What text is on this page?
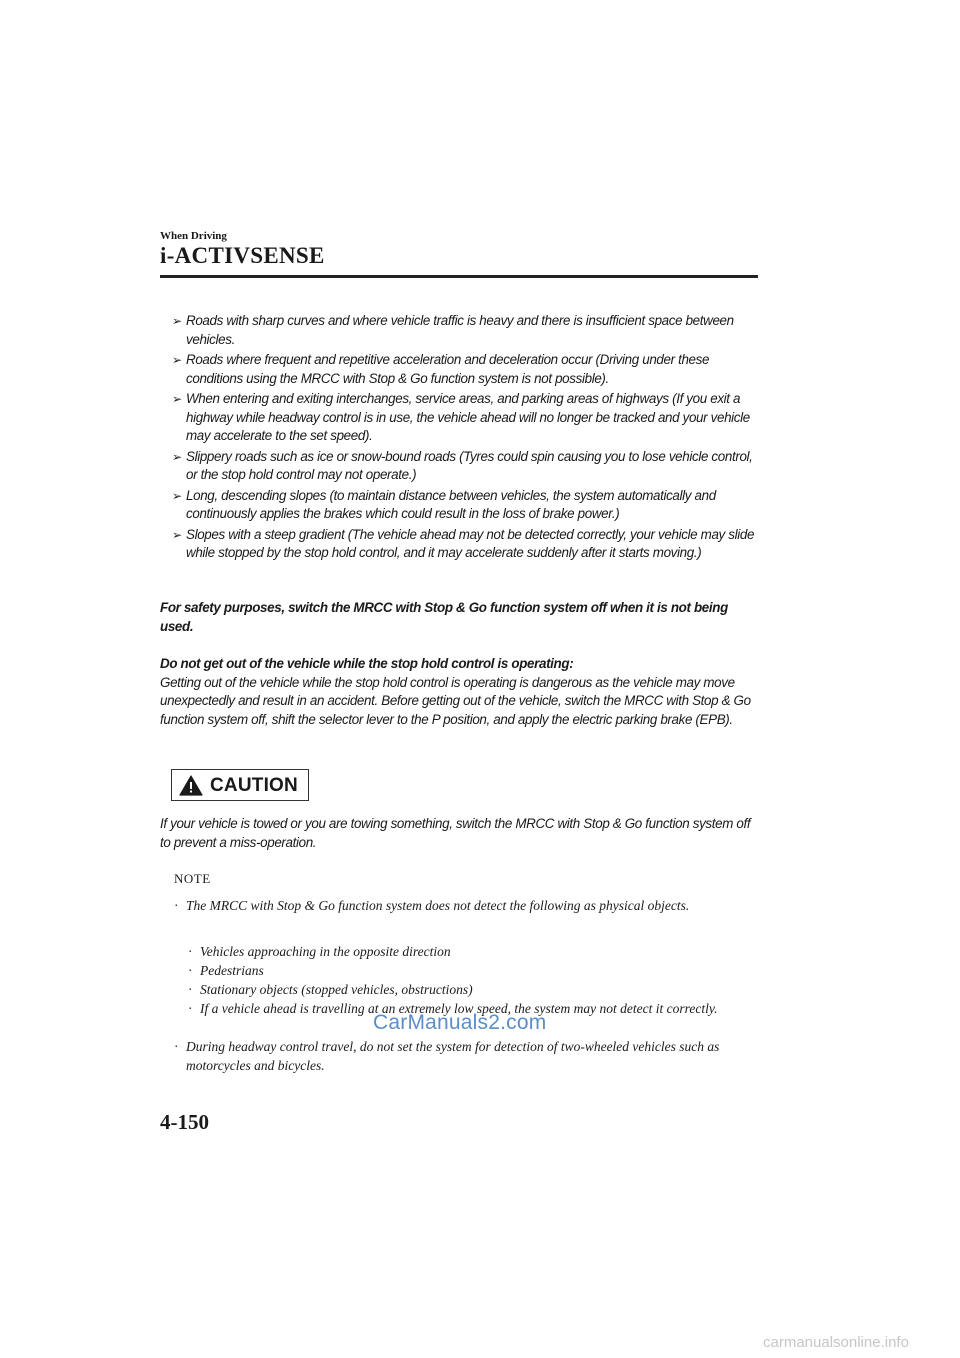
When Driving
i-ACTIVSENSE
➢ Roads with sharp curves and where vehicle traffic is heavy and there is insufficient space between vehicles.
➢ Roads where frequent and repetitive acceleration and deceleration occur (Driving under these conditions using the MRCC with Stop & Go function system is not possible).
➢ When entering and exiting interchanges, service areas, and parking areas of highways (If you exit a highway while headway control is in use, the vehicle ahead will no longer be tracked and your vehicle may accelerate to the set speed).
➢ Slippery roads such as ice or snow-bound roads (Tyres could spin causing you to lose vehicle control, or the stop hold control may not operate.)
➢ Long, descending slopes (to maintain distance between vehicles, the system automatically and continuously applies the brakes which could result in the loss of brake power.)
➢ Slopes with a steep gradient (The vehicle ahead may not be detected correctly, your vehicle may slide while stopped by the stop hold control, and it may accelerate suddenly after it starts moving.)

For safety purposes, switch the MRCC with Stop & Go function system off when it is not being used.

Do not get out of the vehicle while the stop hold control is operating:
Getting out of the vehicle while the stop hold control is operating is dangerous as the vehicle may move unexpectedly and result in an accident. Before getting out of the vehicle, switch the MRCC with Stop & Go function system off, shift the selector lever to the P position, and apply the electric parking brake (EPB).

CAUTION

If your vehicle is towed or you are towing something, switch the MRCC with Stop & Go function system off to prevent a miss-operation.

NOTE
· The MRCC with Stop & Go function system does not detect the following as physical objects.
· Vehicles approaching in the opposite direction
· Pedestrians
· Stationary objects (stopped vehicles, obstructions)
· If a vehicle ahead is travelling at an extremely low speed, the system may not detect it correctly.
· During headway control travel, do not set the system for detection of two-wheeled vehicles such as motorcycles and bicycles.
CarManuals2.com
4-150
carmanualsonline.info
